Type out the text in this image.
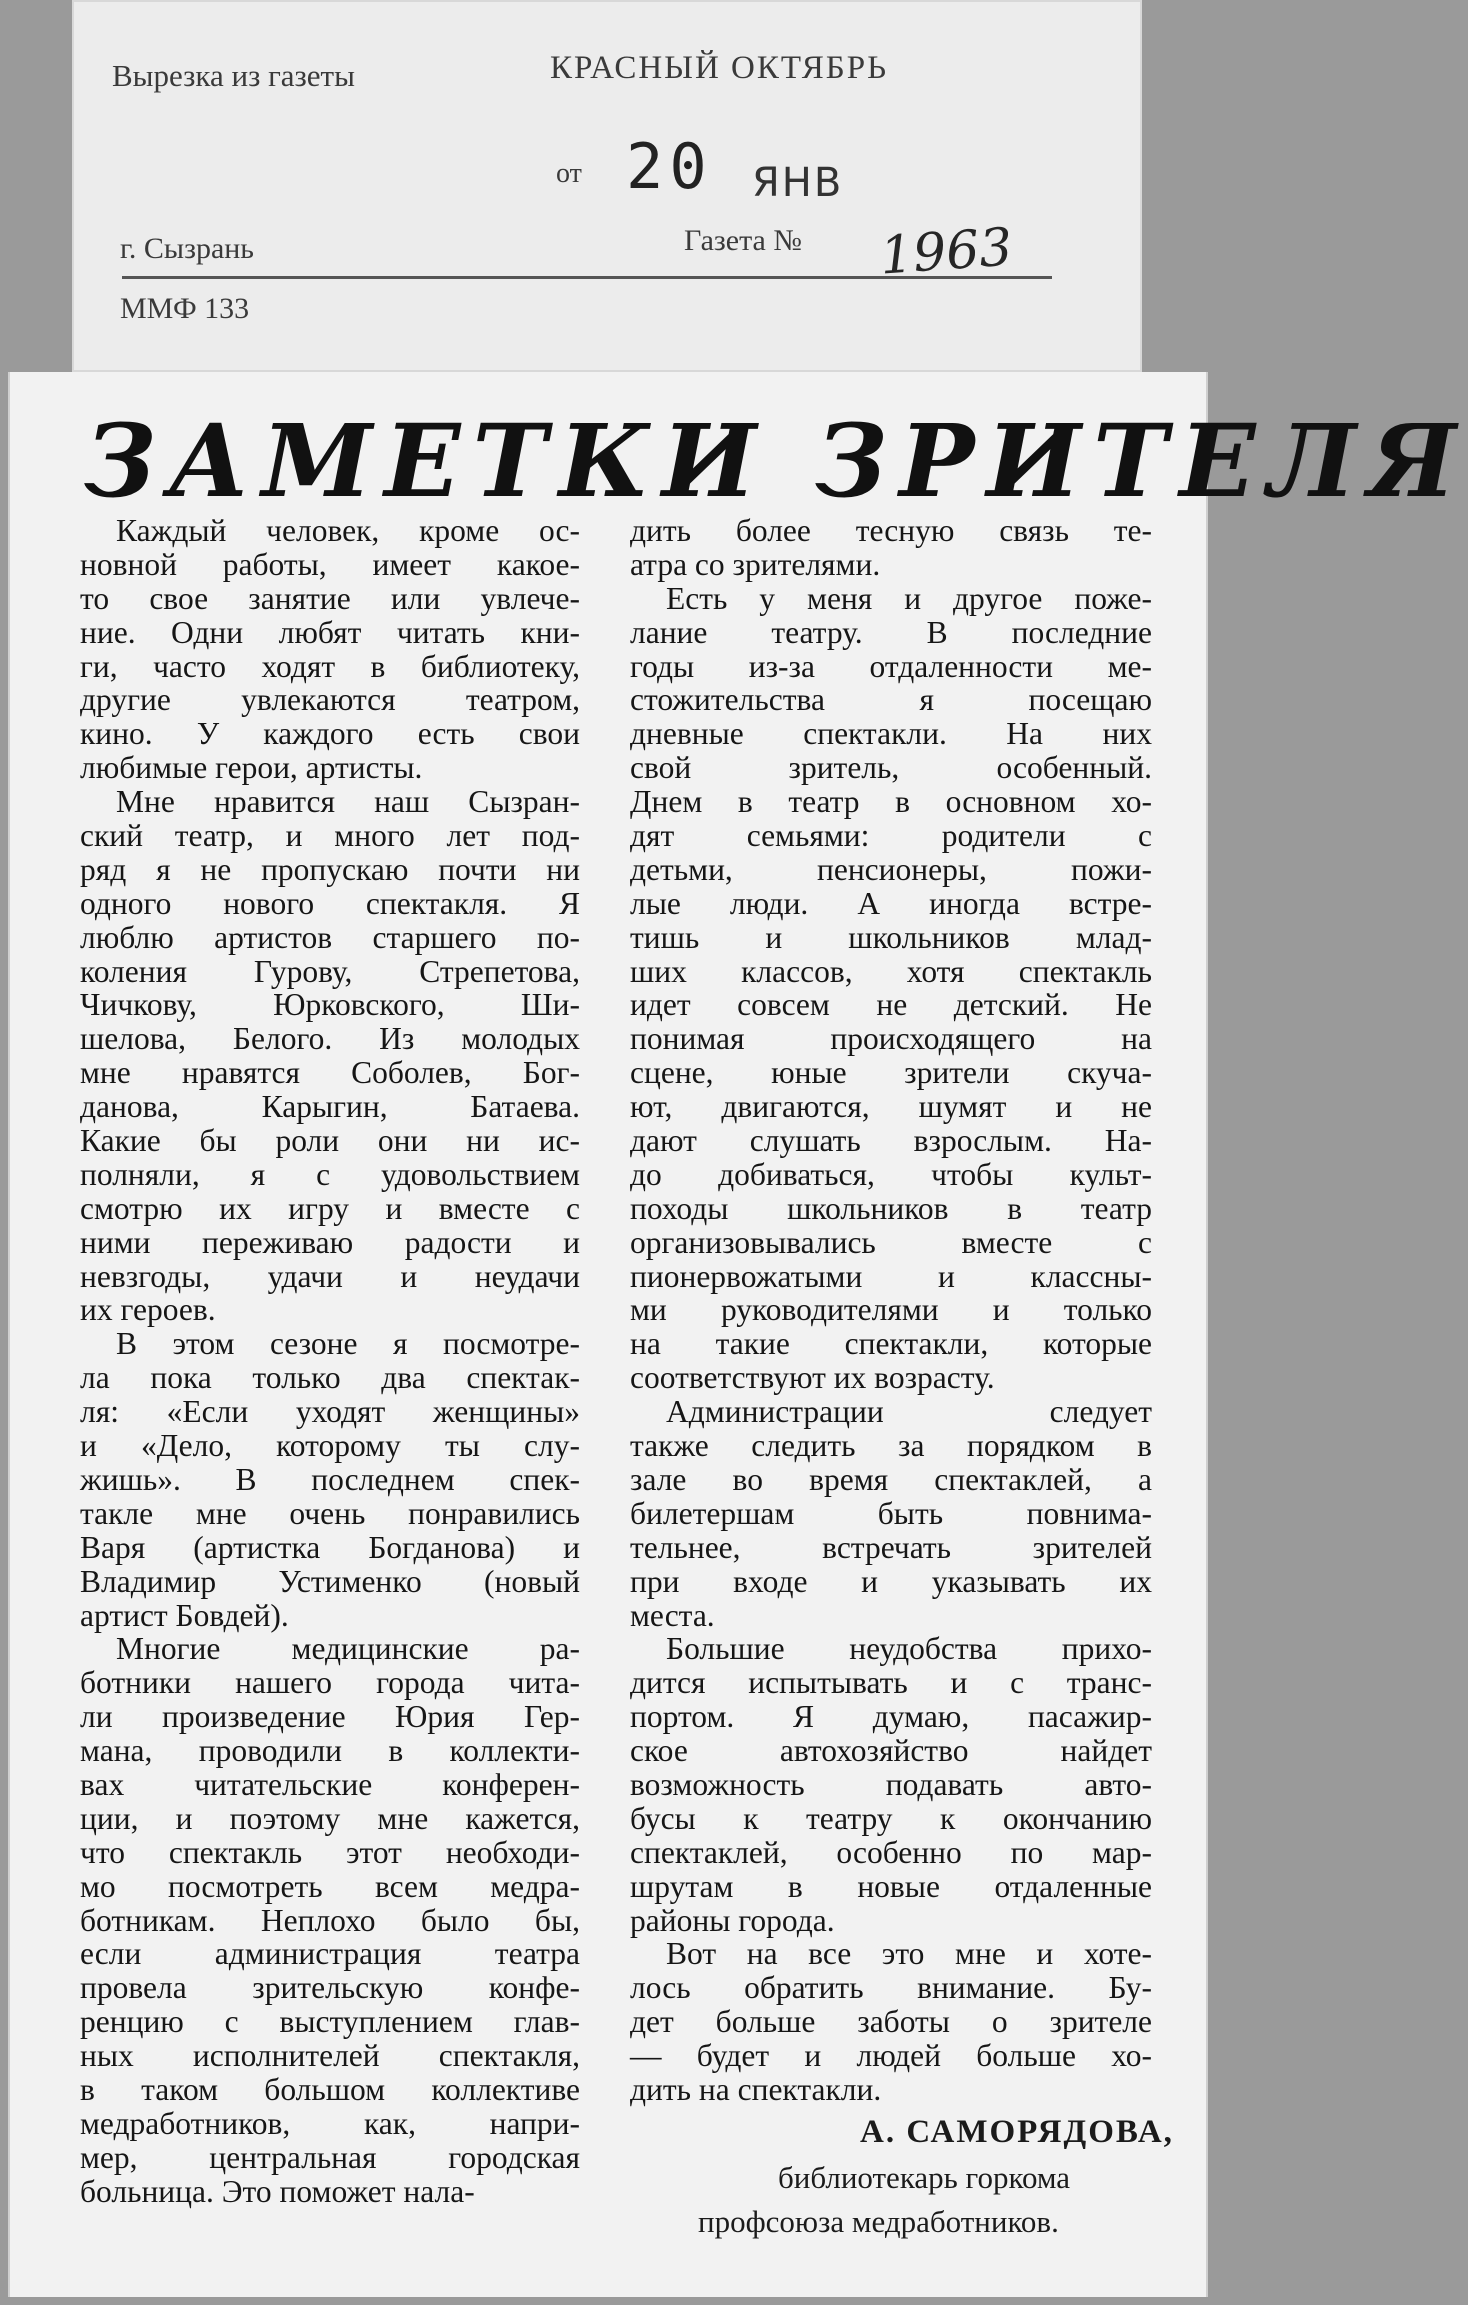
Вырезка из газеты	КРАСНЫЙ ОКТЯБРЬ
от 20 ЯНВ
г. Сызрань	Газета № 1963
ММФ 133
ЗАМЕТКИ ЗРИТЕЛЯ
Каждый человек, кроме ос-
новной работы, имеет какое-
то свое занятие или увлече-
ние. Одни любят читать кни-
ги, часто ходят в библиотеку,
другие увлекаются театром,
кино. У каждого есть свои
любимые герои, артисты.
Мне нравится наш Сызран-
ский театр, и много лет под-
ряд я не пропускаю почти ни
одного нового спектакля. Я
люблю артистов старшего по-
коления Гурову, Стрепетова,
Чичкову, Юрковского, Ши-
шелова, Белого. Из молодых
мне нравятся Соболев, Бог-
данова, Карыгин, Батаева.
Какие бы роли они ни ис-
полняли, я с удовольствием
смотрю их игру и вместе с
ними переживаю радости и
невзгоды, удачи и неудачи
их героев.
В этом сезоне я посмотре-
ла пока только два спектак-
ля: «Если уходят женщины»
и «Дело, которому ты слу-
жишь». В последнем спек-
такле мне очень понравились
Варя (артистка Богданова) и
Владимир Устименко (новый
артист Бовдей).
Многие медицинские ра-
ботники нашего города чита-
ли произведение Юрия Гер-
мана, проводили в коллекти-
вах читательские конферен-
ции, и поэтому мне кажется,
что спектакль этот необходи-
мо посмотреть всем медра-
ботникам. Неплохо было бы,
если администрация театра
провела зрительскую конфе-
ренцию с выступлением глав-
ных исполнителей спектакля,
в таком большом коллективе
медработников, как, напри-
мер, центральная городская
больница. Это поможет нала-
дить более тесную связь те-
атра со зрителями.
Есть у меня и другое поже-
лание театру. В последние
годы из-за отдаленности ме-
стожительства я посещаю
дневные спектакли. На них
свой зритель, особенный.
Днем в театр в основном хо-
дят семьями: родители с
детьми, пенсионеры, пожи-
лые люди. А иногда встре-
тишь и школьников млад-
ших классов, хотя спектакль
идет совсем не детский. Не
понимая происходящего на
сцене, юные зрители скуча-
ют, двигаются, шумят и не
дают слушать взрослым. На-
до добиваться, чтобы культ-
походы школьников в театр
организовывались вместе с
пионервожатыми и классны-
ми руководителями и только
на такие спектакли, которые
соответствуют их возрасту.
Администрации следует
также следить за порядком в
зале во время спектаклей, а
билетершам быть повнима-
тельнее, встречать зрителей
при входе и указывать их
места.
Большие неудобства прихо-
дится испытывать и с транс-
портом. Я думаю, пасажир-
ское автохозяйство найдет
возможность подавать авто-
бусы к театру к окончанию
спектаклей, особенно по мар-
шрутам в новые отдаленные
районы города.
Вот на все это мне и хоте-
лось обратить внимание. Бу-
дет больше заботы о зрителе
— будет и людей больше хо-
дить на спектакли.
А. САМОРЯДОВА,
библиотекарь горкома
профсоюза медработников.
